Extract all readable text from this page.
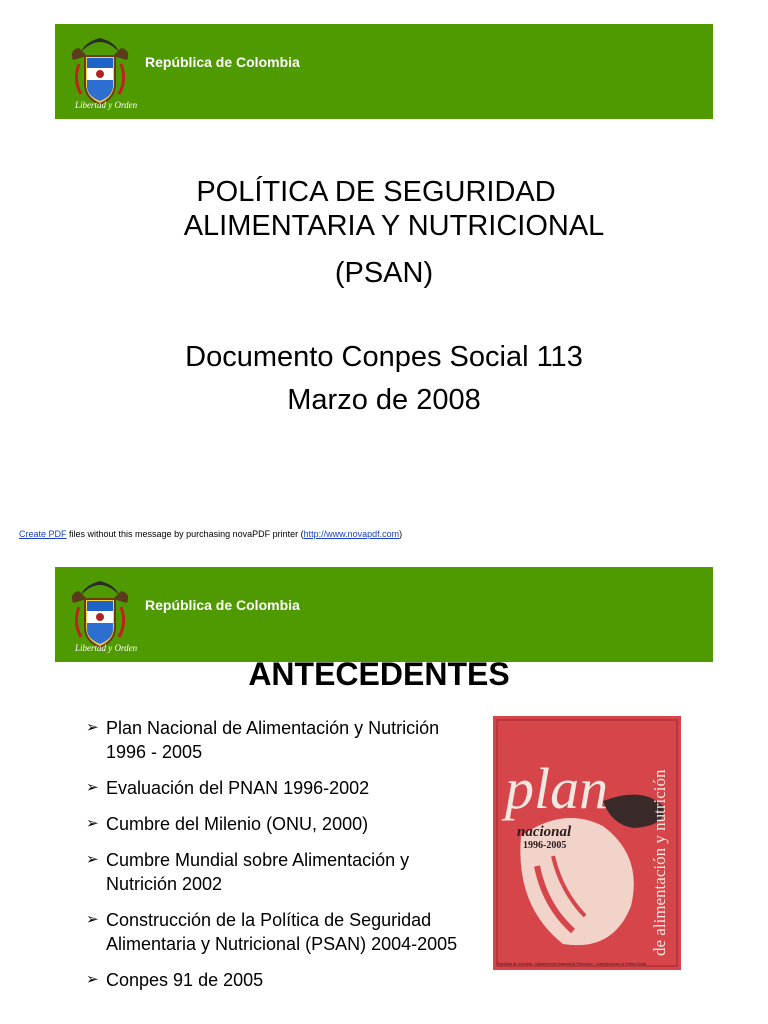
Libertad y Orden
República de Colombia
POLÍTICA DE SEGURIDAD
ALIMENTARIA Y NUTRICIONAL
(PSAN)
Documento Conpes Social 113
Marzo de 2008
Create PDF files without this message by purchasing novaPDF printer (http://www.novapdf.com)
Libertad y Orden
República de Colombia
ANTECEDENTES
➢ Plan Nacional de Alimentación y Nutrición 1996 - 2005
➢ Evaluación del PNAN 1996-2002
➢ Cumbre del Milenio (ONU, 2000)
➢ Cumbre Mundial sobre Alimentación y Nutrición 2002
➢ Construcción de la Política de Seguridad Alimentaria y Nutricional (PSAN) 2004-2005
➢ Conpes 91 de 2005
plan
nacional
1996-2005	de alimentación y nutrición
República de Colombia · Departamento Nacional de Planeación · Consejería para la Política Social
